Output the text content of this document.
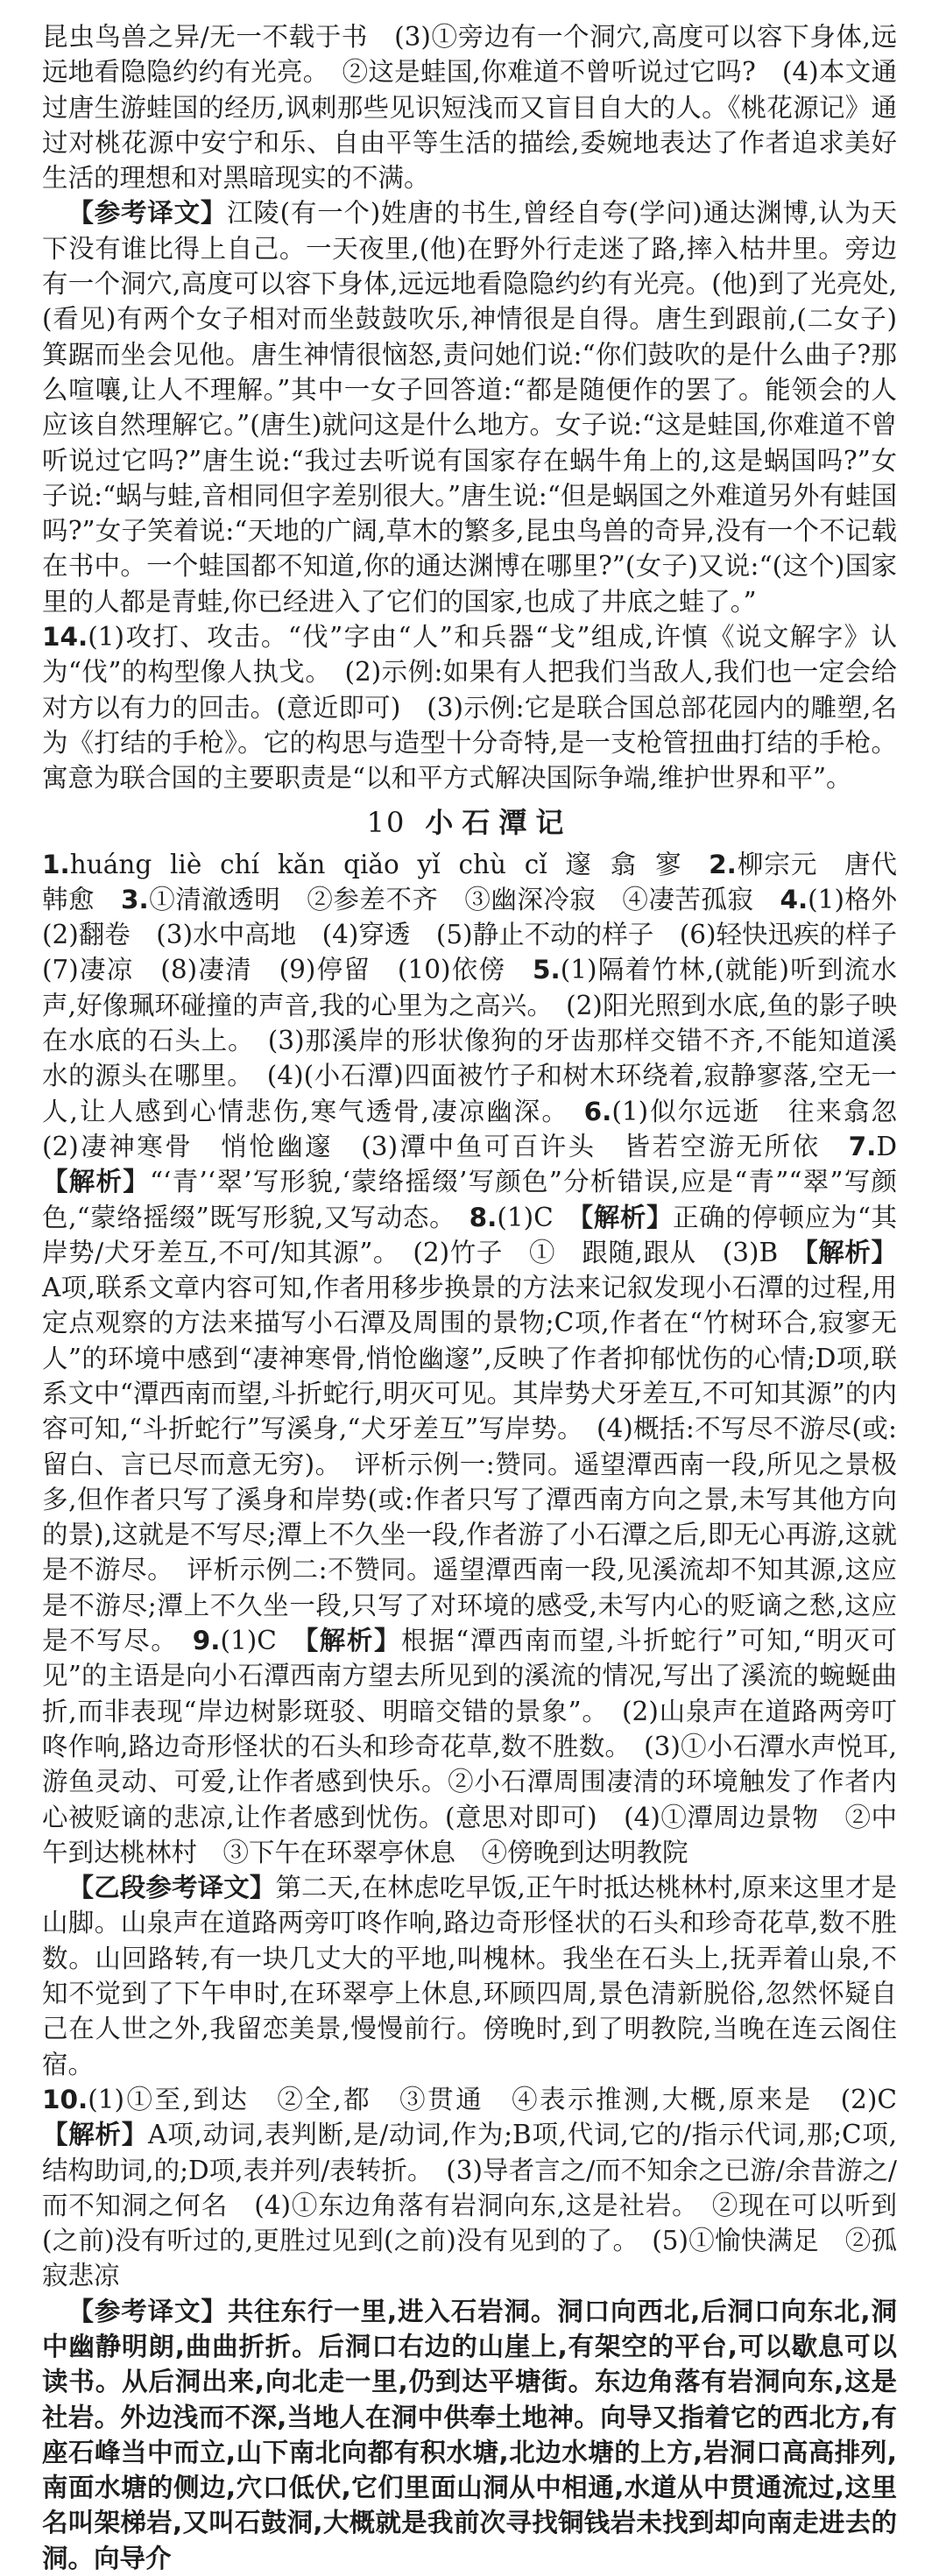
昆虫鸟兽之异/无一不载于书　(3)①旁边有一个洞穴,高度可以容下身体,远远地看隐隐约约有光亮。　②这是蛙国,你难道不曾听说过它吗?　(4)本文通过唐生游蛙国的经历,讽刺那些见识短浅而又盲目自大的人。《桃花源记》通过对桃花源中安宁和乐、自由平等生活的描绘,委婉地表达了作者追求美好生活的理想和对黑暗现实的不满。

【参考译文】江陵(有一个)姓唐的书生,曾经自夸(学问)通达渊博,认为天下没有谁比得上自己。一天夜里,(他)在野外行走迷了路,摔入枯井里。旁边有一个洞穴,高度可以容下身体,远远地看隐隐约约有光亮。(他)到了光亮处,(看见)有两个女子相对而坐鼓鼓吹乐,神情很是自得。唐生到跟前,(二女子)箕踞而坐会见他。唐生神情很恼怒,责问她们说:“你们鼓吹的是什么曲子?那么喧嚷,让人不理解。”其中一女子回答道:“都是随便作的罢了。能领会的人应该自然理解它。”(唐生)就问这是什么地方。女子说:“这是蛙国,你难道不曾听说过它吗?”唐生说:“我过去听说有国家存在蜗牛角上的,这是蜗国吗?”女子说:“蜗与蛙,音相同但字差别很大。”唐生说:“但是蜗国之外难道另外有蛙国吗?”女子笑着说:“天地的广阔,草木的繁多,昆虫鸟兽的奇异,没有一个不记载在书中。一个蛙国都不知道,你的通达渊博在哪里?”(女子)又说:“(这个)国家里的人都是青蛙,你已经进入了它们的国家,也成了井底之蛙了。”

14.(1)攻打、攻击。“伐”字由“人”和兵器“戈”组成,许慎《说文解字》认为“伐”的构型像人执戈。　(2)示例:如果有人把我们当敌人,我们也一定会给对方以有力的回击。(意近即可)　(3)示例:它是联合国总部花园内的雕塑,名为《打结的手枪》。它的构思与造型十分奇特,是一支枪管扭曲打结的手枪。寓意为联合国的主要职责是“以和平方式解决国际争端,维护世界和平”。

10 小石潭记

1.huáng  liè  chí  kǎn  qiǎo  yǐ  chù  cǐ  邃  翕  寥　2.柳宗元　唐代　韩愈　3.①清澈透明　②参差不齐　③幽深冷寂　④凄苦孤寂　4.(1)格外　(2)翻卷　(3)水中高地　(4)穿透　(5)静止不动的样子　(6)轻快迅疾的样子　(7)凄凉　(8)凄清　(9)停留　(10)依傍　5.(1)隔着竹林,(就能)听到流水声,好像珮环碰撞的声音,我的心里为之高兴。　(2)阳光照到水底,鱼的影子映在水底的石头上。　(3)那溪岸的形状像狗的牙齿那样交错不齐,不能知道溪水的源头在哪里。　(4)(小石潭)四面被竹子和树木环绕着,寂静寥落,空无一人,让人感到心情悲伤,寒气透骨,凄凉幽深。　6.(1)似尔远逝　往来翕忽　(2)凄神寒骨　悄怆幽邃　(3)潭中鱼可百许头　皆若空游无所依　7.D　【解析】“‘青’‘翠’写形貌,‘蒙络摇缀’写颜色”分析错误,应是“青”“翠”写颜色,“蒙络摇缀”既写形貌,又写动态。　8.(1)C　【解析】正确的停顿应为“其岸势/犬牙差互,不可/知其源”。　(2)竹子　①　跟随,跟从　(3)B　【解析】A项,联系文章内容可知,作者用移步换景的方法来记叙发现小石潭的过程,用定点观察的方法来描写小石潭及周围的景物;C项,作者在“竹树环合,寂寥无人”的环境中感到“凄神寒骨,悄怆幽邃”,反映了作者抑郁忧伤的心情;D项,联系文中“潭西南而望,斗折蛇行,明灭可见。其岸势犬牙差互,不可知其源”的内容可知,“斗折蛇行”写溪身,“犬牙差互”写岸势。　(4)概括:不写尽不游尽(或:留白、言已尽而意无穷)。　评析示例一:赞同。遥望潭西南一段,所见之景极多,但作者只写了溪身和岸势(或:作者只写了潭西南方向之景,未写其他方向的景),这就是不写尽;潭上不久坐一段,作者游了小石潭之后,即无心再游,这就是不游尽。　评析示例二:不赞同。遥望潭西南一段,见溪流却不知其源,这应是不游尽;潭上不久坐一段,只写了对环境的感受,未写内心的贬谪之愁,这应是不写尽。　9.(1)C　【解析】根据“潭西南而望,斗折蛇行”可知,“明灭可见”的主语是向小石潭西南方望去所见到的溪流的情况,写出了溪流的蜿蜒曲折,而非表现“岸边树影斑驳、明暗交错的景象”。　(2)山泉声在道路两旁叮咚作响,路边奇形怪状的石头和珍奇花草,数不胜数。　(3)①小石潭水声悦耳,游鱼灵动、可爱,让作者感到快乐。②小石潭周围凄清的环境触发了作者内心被贬谪的悲凉,让作者感到忧伤。(意思对即可)　(4)①潭周边景物　②中午到达桃林村　③下午在环翠亭休息　④傍晚到达明教院

【乙段参考译文】第二天,在林虑吃早饭,正午时抵达桃林村,原来这里才是山脚。山泉声在道路两旁叮咚作响,路边奇形怪状的石头和珍奇花草,数不胜数。山回路转,有一块几丈大的平地,叫槐林。我坐在石头上,抚弄着山泉,不知不觉到了下午申时,在环翠亭上休息,环顾四周,景色清新脱俗,忽然怀疑自己在人世之外,我留恋美景,慢慢前行。傍晚时,到了明教院,当晚在连云阁住宿。

10.(1)①至,到达　②全,都　③贯通　④表示推测,大概,原来是　(2)C　【解析】A项,动词,表判断,是/动词,作为;B项,代词,它的/指示代词,那;C项,结构助词,的;D项,表并列/表转折。　(3)导者言之/而不知余之已游/余昔游之/而不知洞之何名　(4)①东边角落有岩洞向东,这是社岩。　②现在可以听到(之前)没有听过的,更胜过见到(之前)没有见到的了。　(5)①愉快满足　②孤寂悲凉

【参考译文】共往东行一里,进入石岩洞。洞口向西北,后洞口向东北,洞中幽静明朗,曲曲折折。后洞口右边的山崖上,有架空的平台,可以歇息可以读书。从后洞出来,向北走一里,仍到达平塘街。东边角落有岩洞向东,这是社岩。外边浅而不深,当地人在洞中供奉土地神。向导又指着它的西北方,有座石峰当中而立,山下南北向都有积水塘,北边水塘的上方,岩洞口高高排列,南面水塘的侧边,穴口低伏,它们里面山洞从中相通,水道从中贯通流过,这里名叫架梯岩,又叫石鼓洞,大概就是我前次寻找铜钱岩未找到却向南走进去的洞。向导介
